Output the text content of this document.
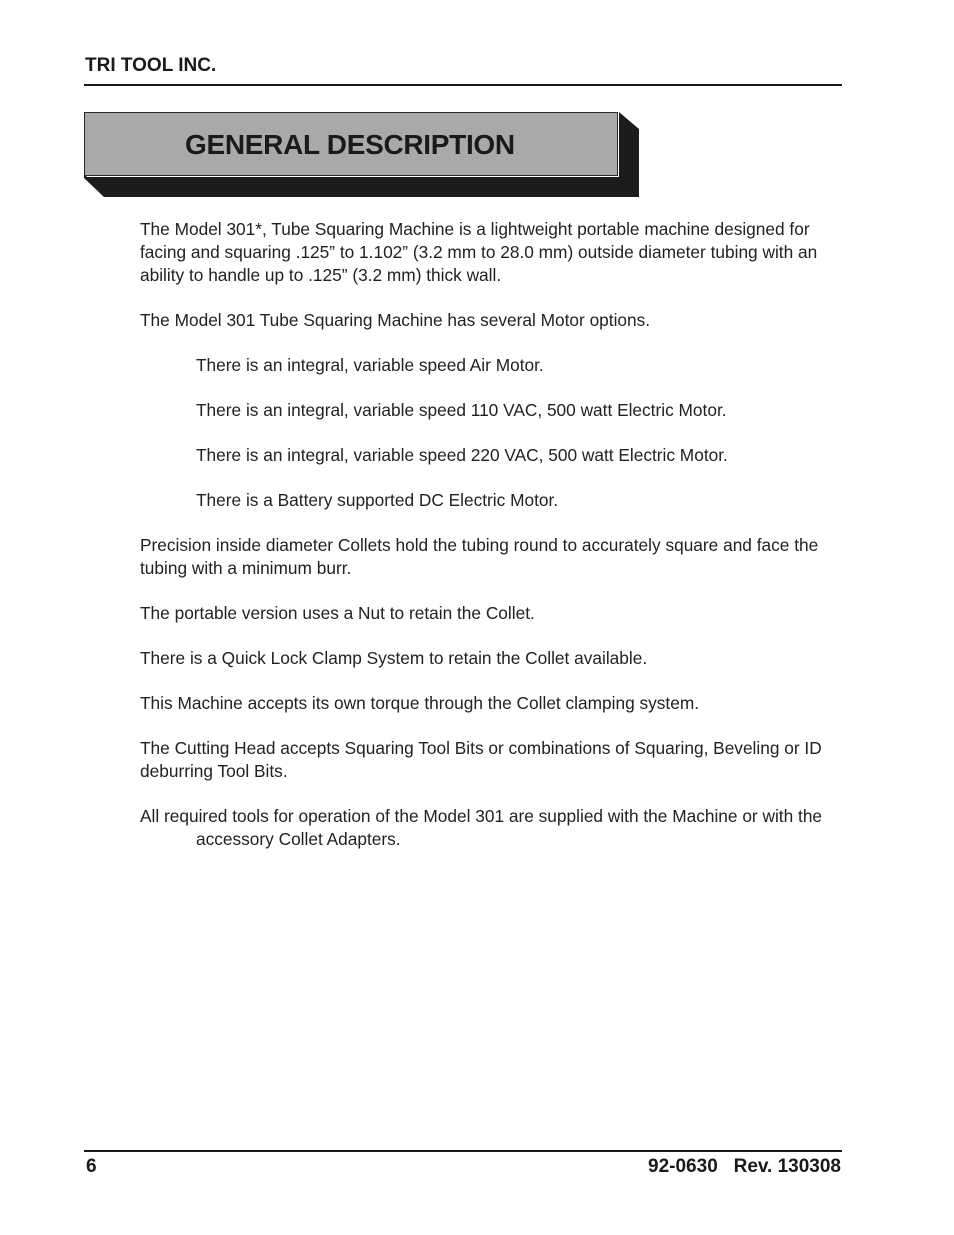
TRI TOOL INC.
GENERAL DESCRIPTION

The Model 301*, Tube Squaring Machine is a lightweight portable machine designed for facing and squaring .125” to 1.102” (3.2 mm to 28.0 mm) outside diameter tubing with an ability to handle up to .125” (3.2 mm) thick wall.

The Model 301 Tube Squaring Machine has several Motor options.

There is an integral, variable speed Air Motor.

There is an integral, variable speed 110 VAC, 500 watt Electric Motor.

There is an integral, variable speed 220 VAC, 500 watt Electric Motor.

There is a Battery supported DC Electric Motor.

Precision inside diameter Collets hold the tubing round to accurately square and face the tubing with a minimum burr.

The portable version uses a Nut to retain the Collet.

There is a Quick Lock Clamp System to retain the Collet available.

This Machine accepts its own torque through the Collet clamping system.

The Cutting Head accepts Squaring Tool Bits or combinations of Squaring, Beveling or ID deburring Tool Bits.

All required tools for operation of the Model 301 are supplied with the Machine or with the accessory Collet Adapters.

6	92-0630   Rev. 130308
